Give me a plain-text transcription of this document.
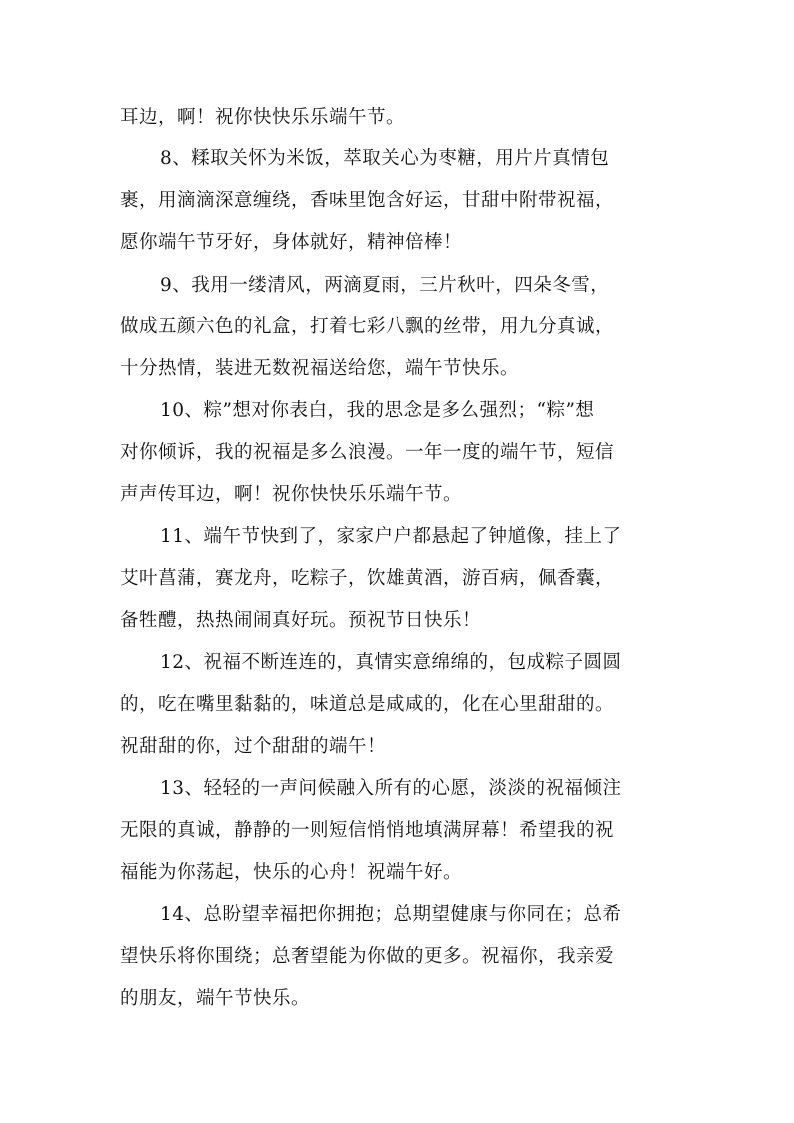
耳边，啊！祝你快快乐乐端午节。
8、糅取关怀为米饭，萃取关心为枣糖，用片片真情包
裹，用滴滴深意缠绕，香味里饱含好运，甘甜中附带祝福，
愿你端午节牙好，身体就好，精神倍棒！
9、我用一缕清风，两滴夏雨，三片秋叶，四朵冬雪，
做成五颜六色的礼盒，打着七彩八飘的丝带，用九分真诚，
十分热情，装进无数祝福送给您，端午节快乐。
10、粽”想对你表白，我的思念是多么强烈；“粽”想
对你倾诉，我的祝福是多么浪漫。一年一度的端午节，短信
声声传耳边，啊！祝你快快乐乐端午节。
11、端午节快到了，家家户户都悬起了钟馗像，挂上了
艾叶菖蒲，赛龙舟，吃粽子，饮雄黄酒，游百病，佩香囊，
备牲醴，热热闹闹真好玩。预祝节日快乐！
12、祝福不断连连的，真情实意绵绵的，包成粽子圆圆
的，吃在嘴里黏黏的，味道总是咸咸的，化在心里甜甜的。
祝甜甜的你，过个甜甜的端午！
13、轻轻的一声问候融入所有的心愿，淡淡的祝福倾注
无限的真诚，静静的一则短信悄悄地填满屏幕！希望我的祝
福能为你荡起，快乐的心舟！祝端午好。
14、总盼望幸福把你拥抱；总期望健康与你同在；总希
望快乐将你围绕；总奢望能为你做的更多。祝福你，我亲爱
的朋友，端午节快乐。
